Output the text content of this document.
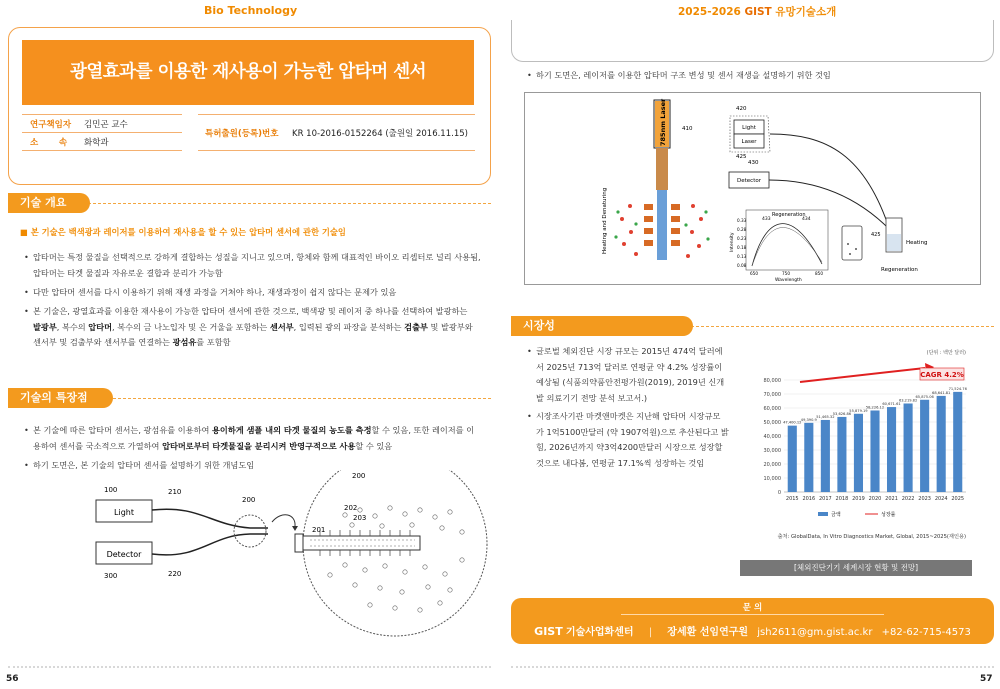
Bio Technology	2025-2026 GIST 유망기술소개
광열효과를 이용한 재사용이 가능한 압타머 센서
연구책임자 김민곤 교수
소       속 화학과
특허출원(등록)번호 KR 10-2016-0152264 (출원일 2016.11.15)
기술 개요
■ 본 기술은 백색광과 레이저를 이용하여 재사용을 할 수 있는 압타머 센서에 관한 기술임
• 압타머는 특정 물질을 선택적으로 강하게 결합하는 성질을 지니고 있으며, 항체와 함께 대표적인 바이오 리셉터로 널리 사용됨,
압타머는 타겟 물질과 자유로운 결합과 분리가 가능함
• 다만 압타머 센서를 다시 이용하기 위해 재생 과정을 거쳐야 하나, 재생과정이 쉽지 않다는 문제가 있음
• 본 기술은, 광열효과를 이용한 재사용이 가능한 압타머 센서에 관한 것으로, 백색광 및 레이저 중 하나를 선택하여 발광하는
발광부, 복수의 압타머, 복수의 금 나노입자 및 은 거울을 포함하는 센서부, 입력된 광의 파장을 분석하는 검출부 및 발광부와
센서부 및 검출부와 센서부를 연결하는 광섬유를 포함함
기술의 특장점
• 본 기술에 따른 압타머 센서는, 광섬유를 이용하여 용이하게 샘플 내의 타겟 물질의 농도를 측정할 수 있음, 또한 레이저를 이
용하여 센서를 국소적으로 가열하여 압타머로부터 타겟물질을 분리시켜 반영구적으로 사용할 수 있음
• 하기 도면은, 본 기술의 압타머 센서를 설명하기 위한 개념도임
Light
Detector
100	210
200
300	220
200
201
202
203
56
• 하기 도면은, 레이저를 이용한 압타머 구조 변성 및 센서 재생을 설명하기 위한 것임
785nm Laser
Heating and Denaturing
410	Light
Laser
420
425
430
Detector
Regeneration
433	434
0.33
0.28
0.23
0.18
0.13
0.08
Intensity
650	750	850
Wavelength
425
Heating
Regeneration
시장성
• 글로벌 체외진단 시장 규모는 2015년 474억 달러에
서 2025년 713억 달러로 연평균 약 4.2% 성장률이
예상됨 (식품의약품안전평가원(2019), 2019년 신개
발 의료기기 전망 분석 보고서.)
• 시장조사기관 마켓앤마켓은 지난해 압타머 시장규모
가 1억5100만달러 (약 1907억원)으로 추산된다고 밝
힘, 2026년까지 약3억4200만달러 시장으로 성장할
것으로 내다봄, 연평균 17.1%씩 성장하는 것임
(단위 : 백만 달러)
0
10,000
20,000
30,000
40,000
50,000
60,000
70,000
80,000
47,400.12
49,390.9
51,465.32
53,626.86
55,879.19
58,226.12
60,671.61
63,219.82
65,875.06
68,641.81
71,524.76
2015 2016 2017 2018 2019 2020 2021 2022 2023 2024 2025
CAGR 4.2%
금액	성장률
출처: GlobalData, In Vitro Diagnostics Market, Global, 2015~2025(재인용)
[체외진단기기 세계시장 현황 및 전망]
문 의
GIST 기술사업화센터 | 장세환 선임연구원 jsh2611@gm.gist.ac.kr +82-62-715-4573
57
